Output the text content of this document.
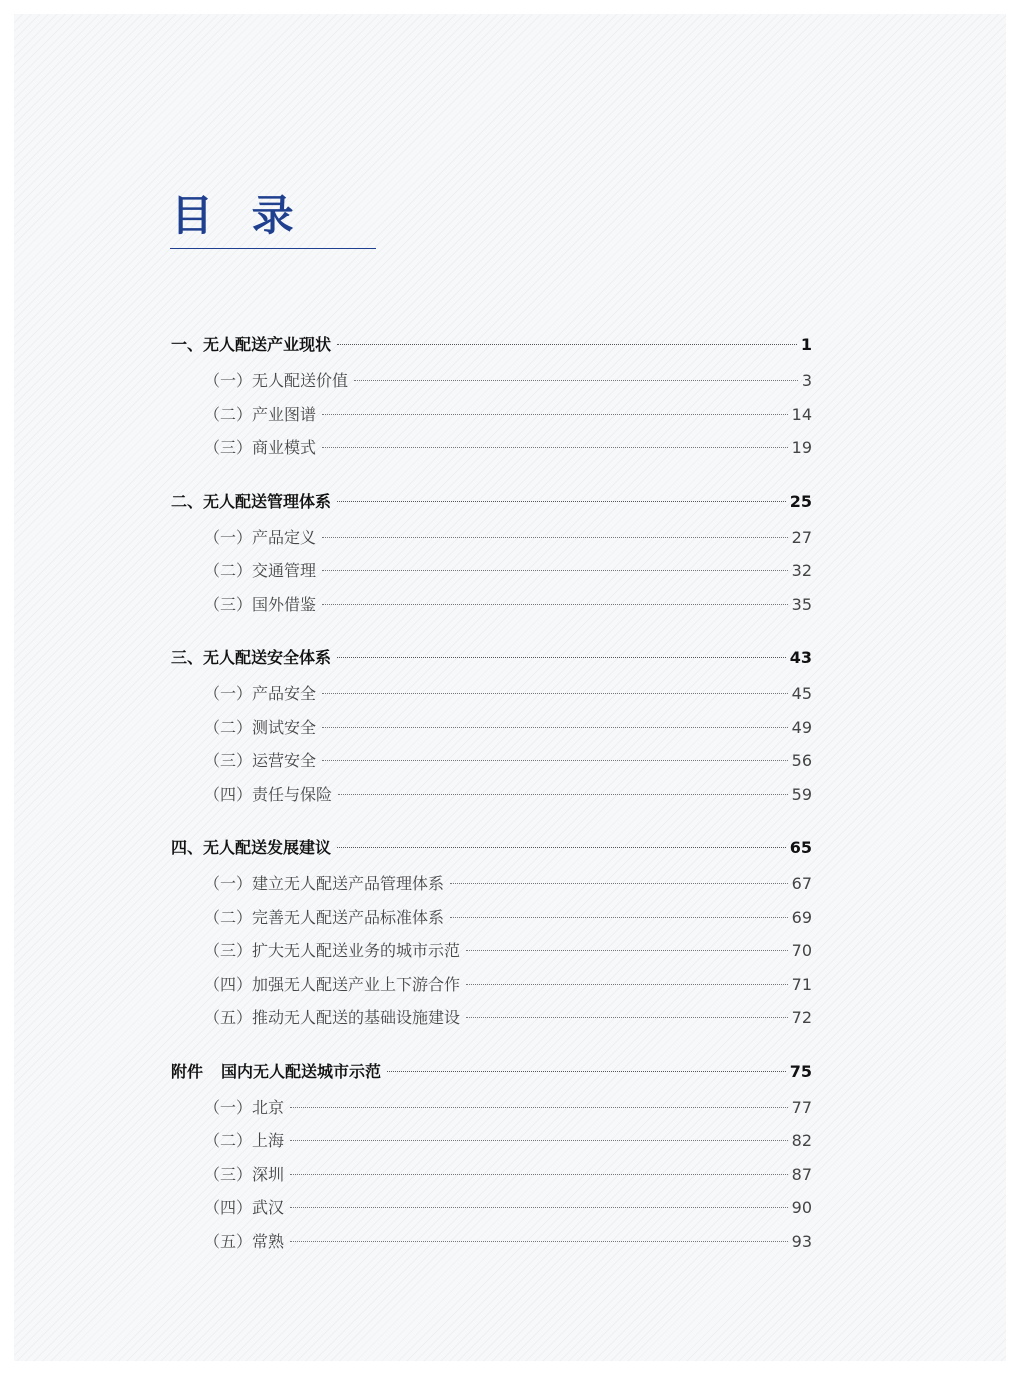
目 录
一、 无人配送产业现状	1
（一） 无人配送价值	3
（二） 产业图谱	14
（三） 商业模式	19
二、 无人配送管理体系	25
（一） 产品定义	27
（二） 交通管理	32
（三） 国外借鉴	35
三、 无人配送安全体系	43
（一） 产品安全	45
（二） 测试安全	49
（三） 运营安全	56
（四） 责任与保险	59
四、 无人配送发展建议	65
（一） 建立无人配送产品管理体系	67
（二） 完善无人配送产品标准体系	69
（三） 扩大无人配送业务的城市示范	70
（四） 加强无人配送产业上下游合作	71
（五） 推动无人配送的基础设施建设	72
附件 国内无人配送城市示范	75
（一） 北京	77
（二） 上海	82
（三） 深圳	87
（四） 武汉	90
（五） 常熟	93
